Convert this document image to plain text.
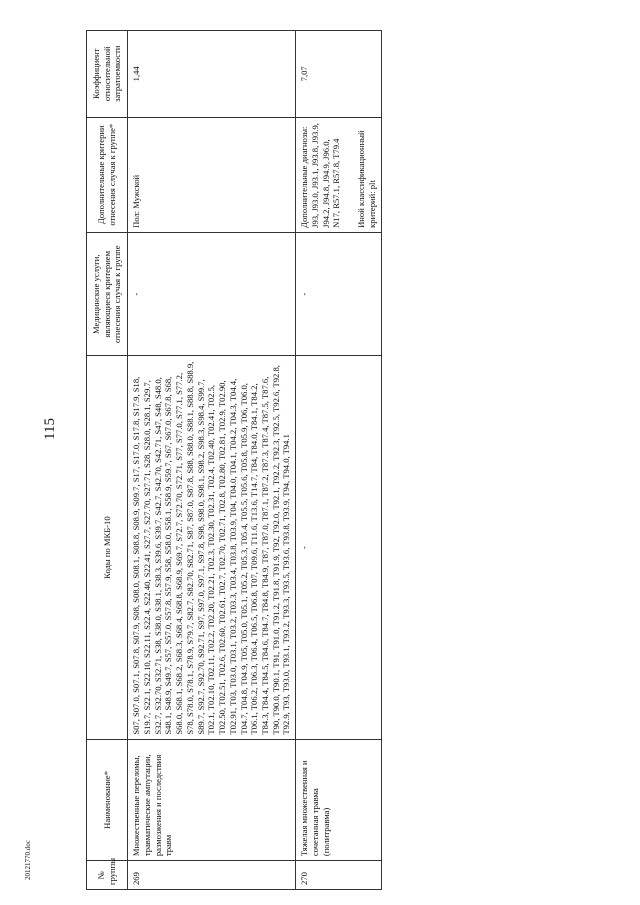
115
20121770.doc	№ группы	Наименование*	Коды по МКБ-10	Медицинские услуги, являющиеся критерием отнесения случая к группе	Дополнительные критерии отнесения случая к группе*	Коэффициент относительной затратоемкости
269	Множественные переломы, травматические ампутации, размозжения и последствия травм	S07, S07.0, S07.1, S07.8, S07.9, S08, S08.0, S08.1, S08.8, S08.9, S09.7, S17, S17.0, S17.8, S17.9, S18, S19.7, S22.1, S22.10, S22.11, S22.4, S22.40, S22.41, S27.7, S27.70, S27.71, S28, S28.0, S28.1, S29.7, S32.7, S32.70, S32.71, S38, S38.0, S38.1, S38.3, S39.6, S39.7, S42.7, S42.70, S42.71, S47, S48, S48.0, S48.1, S48.9, S49.7, S57, S57.0, S57.8, S57.9, S58, S58.0, S58.1, S58.9, S59.7, S67, S67.0, S67.8, S68, S68.0, S68.1, S68.2, S68.3, S68.4, S68.8, S68.9, S69.7, S72.7, S72.70, S72.71, S77, S77.0, S77.1, S77.2, S78, S78.0, S78.1, S78.9, S79.7, S82.7, S82.70, S82.71, S87, S87.0, S87.8, S88, S88.0, S88.1, S88.8, S88.9, S89.7, S92.7, S92.70, S92.71, S97, S97.0, S97.1, S97.8, S98, S98.0, S98.1, S98.2, S98.3, S98.4, S99.7, T02.1, T02.10, T02.11, T02.2, T02.20, T02.21, T02.3, T02.30, T02.31, T02.4, T02.40, T02.41, T02.5, T02.50, T02.51, T02.6, T02.60, T02.61, T02.7, T02.70, T02.71, T02.8, T02.80, T02.81, T02.9, T02.90, T02.91, T03, T03.0, T03.1, T03.2, T03.3, T03.4, T03.8, T03.9, T04, T04.0, T04.1, T04.2, T04.3, T04.4, T04.7, T04.8, T04.9, T05, T05.0, T05.1, T05.2, T05.3, T05.4, T05.5, T05.6, T05.8, T05.9, T06, T06.0, T06.1, T06.2, T06.3, T06.4, T06.5, T06.8, T07, T09.6, T11.6, T13.6, T14.7, T84, T84.0, T84.1, T84.2, T84.3, T84.4, T84.5, T84.6, T84.7, T84.8, T84.9, T87, T87.0, T87.1, T87.2, T87.3, T87.4, T87.5, T87.6, T90, T90.0, T90.1, T91, T91.0, T91.2, T91.8, T91.9, T92, T92.0, T92.1, T92.2, T92.3, T92.5, T92.6, T92.8, T92.9, T93, T93.0, T93.1, T93.2, T93.3, T93.5, T93.6, T93.8, T93.9, T94, T94.0, T94.1	-	Пол: Мужской	1,44
270	Тяжелая множественная и сочетанная травма (политравма)	-	-	Дополнительные диагнозы: J93, J93.0, J93.1, J93.8, J93.9, J94.2, J94.8, J94.9, J96.0, N17, R57.1, R57.8, T79.4 Иной классификационный критерий: plt	7,07
